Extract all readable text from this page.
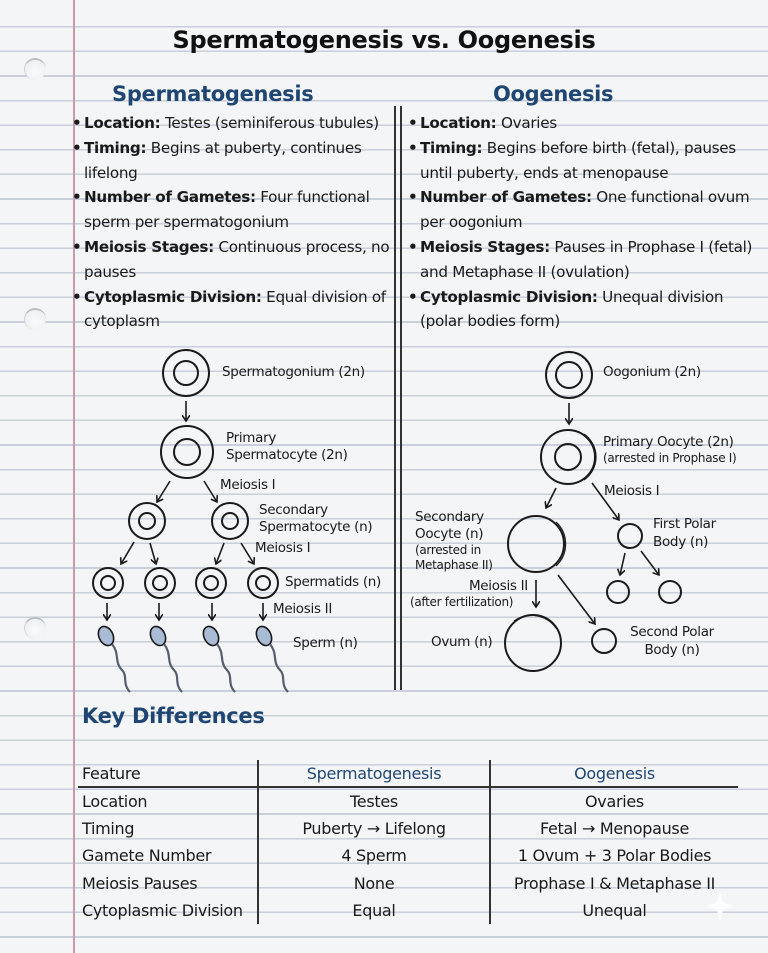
Spermatogenesis vs. Oogenesis
Spermatogenesis	Oogenesis
• Location: Testes (seminiferous tubules)
• Timing: Begins at puberty, continues lifelong
• Number of Gametes: Four functional sperm per spermatogonium
• Meiosis Stages: Continuous process, no pauses
• Cytoplasmic Division: Equal division of cytoplasm
• Location: Ovaries
• Timing: Begins before birth (fetal), pauses until puberty, ends at menopause
• Number of Gametes: One functional ovum per oogonium
• Meiosis Stages: Pauses in Prophase I (fetal) and Metaphase II (ovulation)
• Cytoplasmic Division: Unequal division (polar bodies form)
Spermatogonium (2n)
Primary
Spermatocyte (2n)
Meiosis I
Secondary
Spermatocyte (n)
Meiosis I
Spermatids (n)
Meiosis II
Sperm (n)
Oogonium (2n)
Primary Oocyte (2n)
(arrested in Prophase I)
Meiosis I
Secondary
Oocyte (n)
(arrested in
Metaphase II)
Meiosis II
(after fertilization)
First Polar
Body (n)
Ovum (n)
Second Polar
Body (n)
Key Differences
Feature	Spermatogenesis	Oogenesis
Location	Testes	Ovaries
Timing	Puberty → Lifelong	Fetal → Menopause
Gamete Number	4 Sperm	1 Ovum + 3 Polar Bodies
Meiosis Pauses	None	Prophase I & Metaphase II
Cytoplasmic Division	Equal	Unequal
